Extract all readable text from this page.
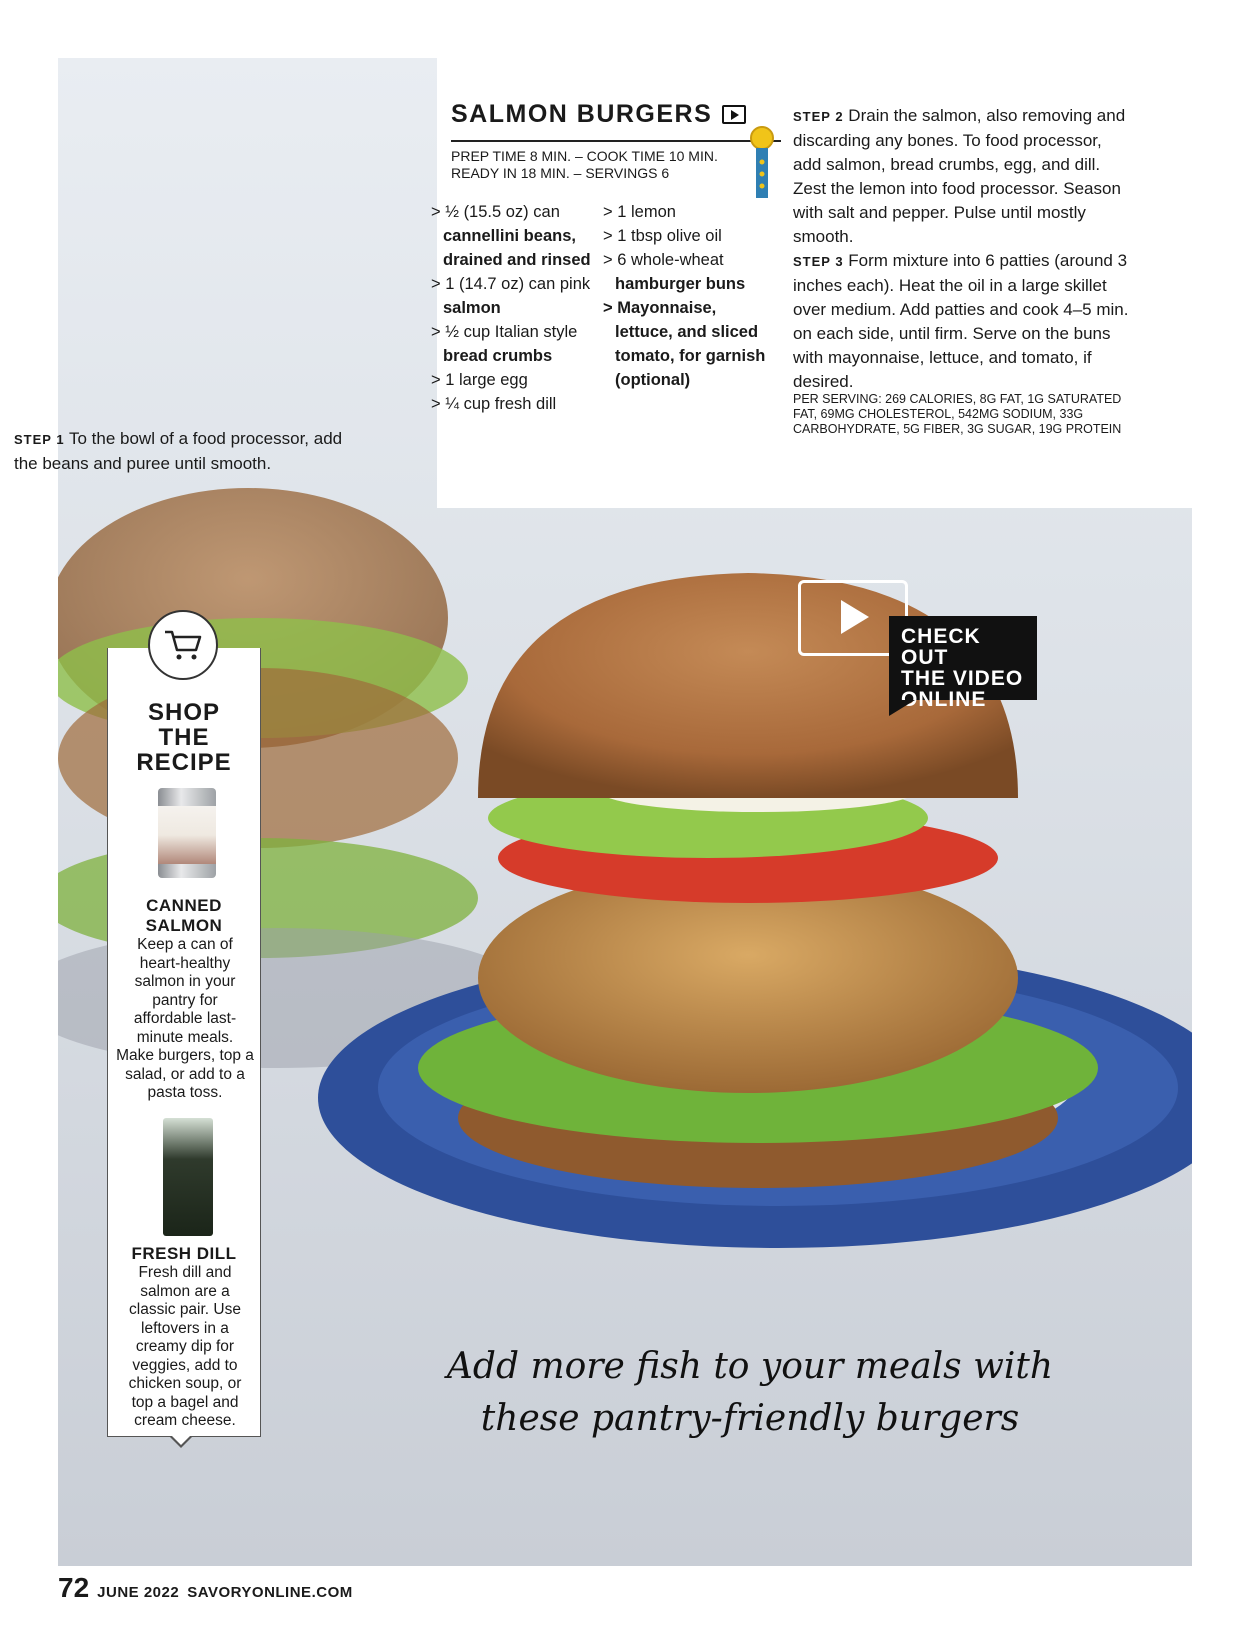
SALMON BURGERS
PREP TIME 8 MIN. – COOK TIME 10 MIN.
READY IN 18 MIN. – SERVINGS 6
> ½ (15.5 oz) can
cannellini beans,
drained and rinsed
> 1 (14.7 oz) can pink
salmon
> ½ cup Italian style
bread crumbs
> 1 large egg
> ¼ cup fresh dill
> 1 lemon
> 1 tbsp olive oil
> 6 whole-wheat
hamburger buns
> Mayonnaise,
lettuce, and sliced
tomato, for garnish
(optional)
STEP 1 To the bowl of a food processor, add the beans and puree until smooth.
STEP 2 Drain the salmon, also removing and discarding any bones. To food processor, add salmon, bread crumbs, egg, and dill. Zest the lemon into food processor. Season with salt and pepper. Pulse until mostly smooth.
STEP 3 Form mixture into 6 patties (around 3 inches each). Heat the oil in a large skillet over medium. Add patties and cook 4–5 min. on each side, until firm. Serve on the buns with mayonnaise, lettuce, and tomato, if desired.
PER SERVING: 269 CALORIES, 8G FAT, 1G SATURATED FAT, 69MG CHOLESTEROL, 542MG SODIUM, 33G CARBOHYDRATE, 5G FIBER, 3G SUGAR, 19G PROTEIN
SHOP
THE
RECIPE
CANNED
SALMON
Keep a can of heart-healthy salmon in your pantry for affordable last-minute meals. Make burgers, top a salad, or add to a pasta toss.
FRESH DILL
Fresh dill and salmon are a classic pair. Use leftovers in a creamy dip for veggies, add to chicken soup, or top a bagel and cream cheese.
CHECK OUT
THE VIDEO
ONLINE
Add more fish to your meals with
these pantry-friendly burgers
72 JUNE 2022 SAVORYONLINE.COM
